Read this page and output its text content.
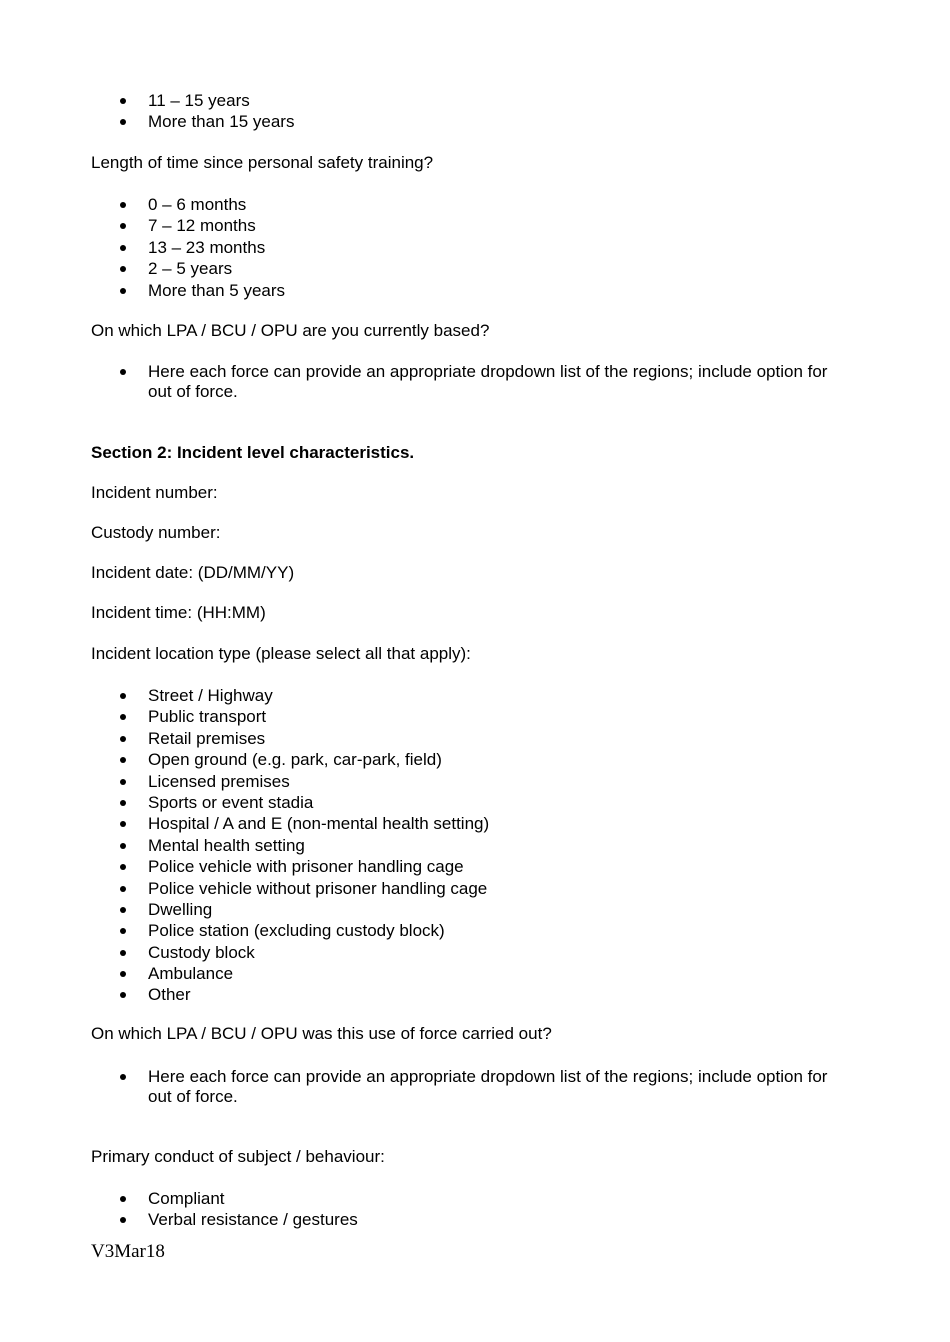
11 – 15 years
More than 15 years

Length of time since personal safety training?

0 – 6 months
7 – 12 months
13 – 23 months
2 – 5 years
More than 5 years

On which LPA / BCU / OPU are you currently based?

Here each force can provide an appropriate dropdown list of the regions; include option for out of force.

Section 2: Incident level characteristics.

Incident number:

Custody number:

Incident date: (DD/MM/YY)

Incident time: (HH:MM)

Incident location type (please select all that apply):

Street / Highway
Public transport
Retail premises
Open ground (e.g. park, car-park, field)
Licensed premises
Sports or event stadia
Hospital / A and E (non-mental health setting)
Mental health setting
Police vehicle with prisoner handling cage
Police vehicle without prisoner handling cage
Dwelling
Police station (excluding custody block)
Custody block
Ambulance
Other

On which LPA / BCU / OPU was this use of force carried out?

Here each force can provide an appropriate dropdown list of the regions; include option for out of force.

Primary conduct of subject / behaviour:

Compliant
Verbal resistance / gestures

V3Mar18
